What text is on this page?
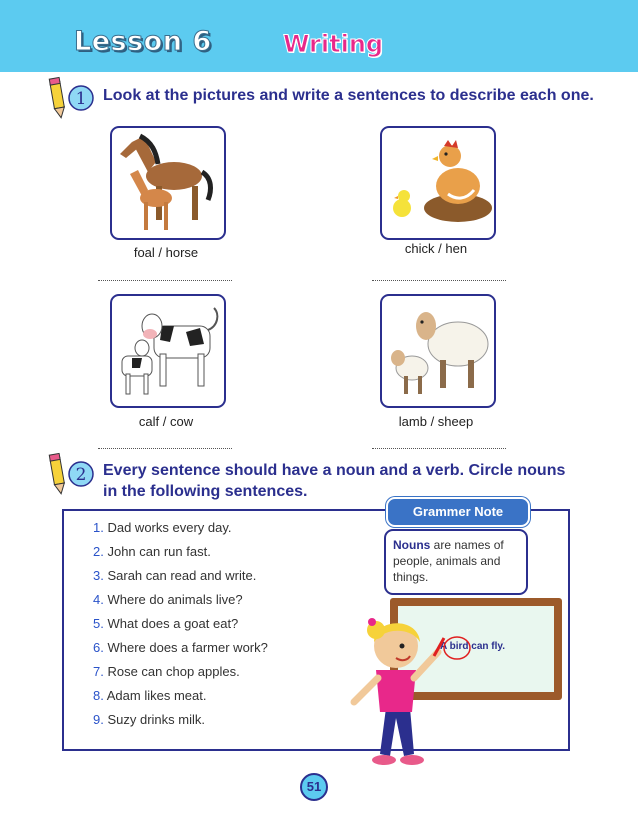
Lesson 6	Writing
1 Look at the pictures and write a sentences to describe each one.
foal / horse	chick / hen
calf / cow	lamb / sheep
2 Every sentence should have a noun and a verb. Circle nouns
in the following sentences.
1. Dad works every day.
2. John can run fast.
3. Sarah can read and write.
4. Where do animals live?
5. What does a goat eat?
6. Where does a farmer work?
7. Rose can chop apples.
8. Adam likes meat.
9. Suzy drinks milk.
Grammer Note
Nouns are names of people, animals and things.
A bird can fly.
51
